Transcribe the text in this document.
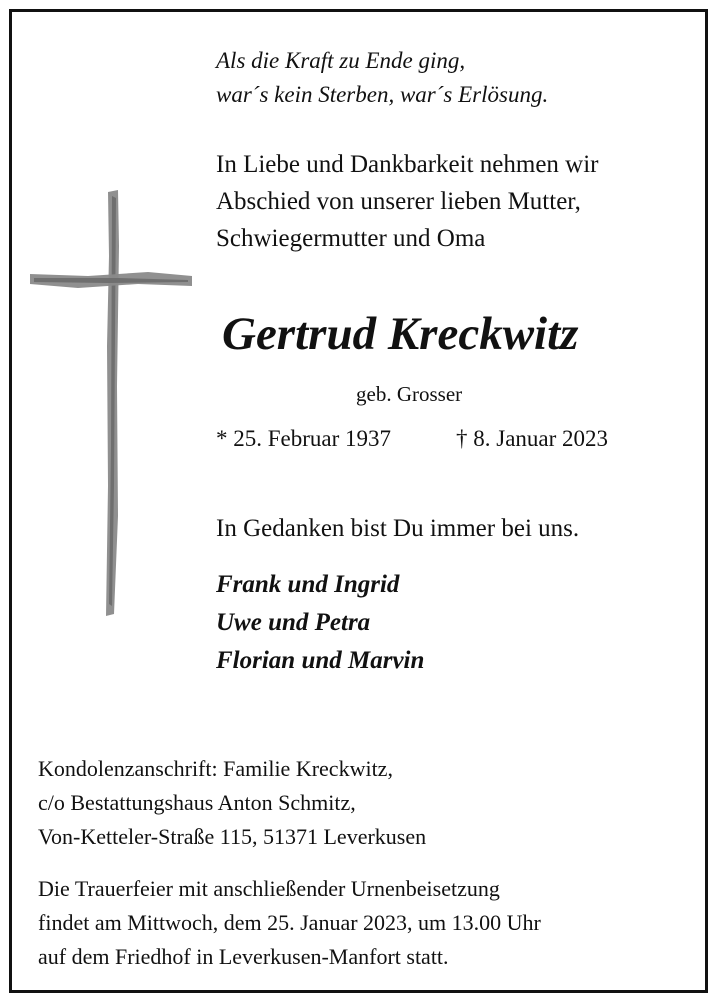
Als die Kraft zu Ende ging,
war´s kein Sterben, war´s Erlösung.
In Liebe und Dankbarkeit nehmen wir
Abschied von unserer lieben Mutter,
Schwiegermutter und Oma
Gertrud Kreckwitz
geb. Grosser
* 25. Februar 1937	† 8. Januar 2023
In Gedanken bist Du immer bei uns.
Frank und Ingrid
Uwe und Petra
Florian und Marvin
Kondolenzanschrift: Familie Kreckwitz,
c/o Bestattungshaus Anton Schmitz,
Von-Ketteler-Straße 115, 51371 Leverkusen
Die Trauerfeier mit anschließender Urnenbeisetzung
findet am Mittwoch, dem 25. Januar 2023, um 13.00 Uhr
auf dem Friedhof in Leverkusen-Manfort statt.
